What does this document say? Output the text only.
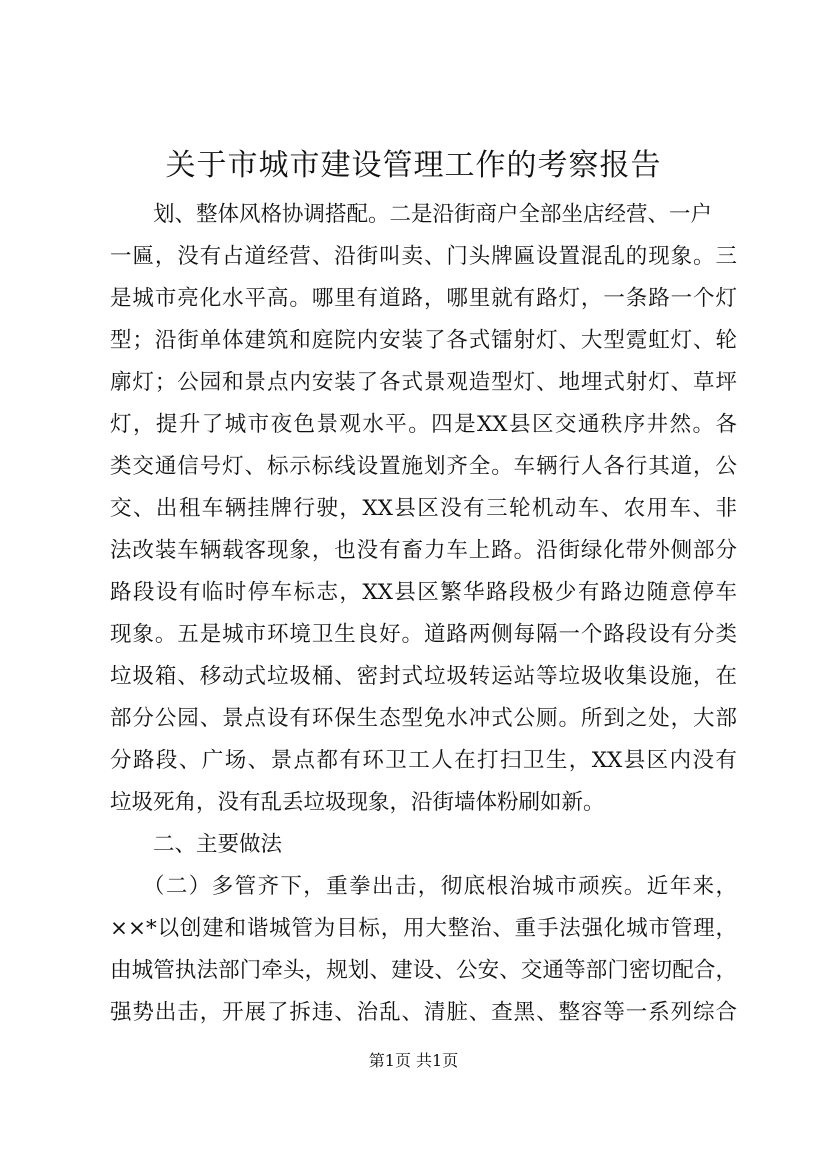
关于市城市建设管理工作的考察报告
划、整体风格协调搭配。二是沿街商户全部坐店经营、一户
一匾，没有占道经营、沿街叫卖、门头牌匾设置混乱的现象。三
是城市亮化水平高。哪里有道路，哪里就有路灯，一条路一个灯
型；沿街单体建筑和庭院内安装了各式镭射灯、大型霓虹灯、轮
廓灯；公园和景点内安装了各式景观造型灯、地埋式射灯、草坪
灯，提升了城市夜色景观水平。四是XX县区交通秩序井然。各
类交通信号灯、标示标线设置施划齐全。车辆行人各行其道，公
交、出租车辆挂牌行驶，XX县区没有三轮机动车、农用车、非
法改装车辆载客现象，也没有畜力车上路。沿街绿化带外侧部分
路段设有临时停车标志，XX县区繁华路段极少有路边随意停车
现象。五是城市环境卫生良好。道路两侧每隔一个路段设有分类
垃圾箱、移动式垃圾桶、密封式垃圾转运站等垃圾收集设施，在
部分公园、景点设有环保生态型免水冲式公厕。所到之处，大部
分路段、广场、景点都有环卫工人在打扫卫生，XX县区内没有
垃圾死角，没有乱丢垃圾现象，沿街墙体粉刷如新。
二、主要做法
（二）多管齐下，重拳出击，彻底根治城市顽疾。近年来，
××*以创建和谐城管为目标，用大整治、重手法强化城市管理，
由城管执法部门牵头，规划、建设、公安、交通等部门密切配合，
强势出击，开展了拆违、治乱、清脏、查黑、整容等一系列综合
第1页 共1页
